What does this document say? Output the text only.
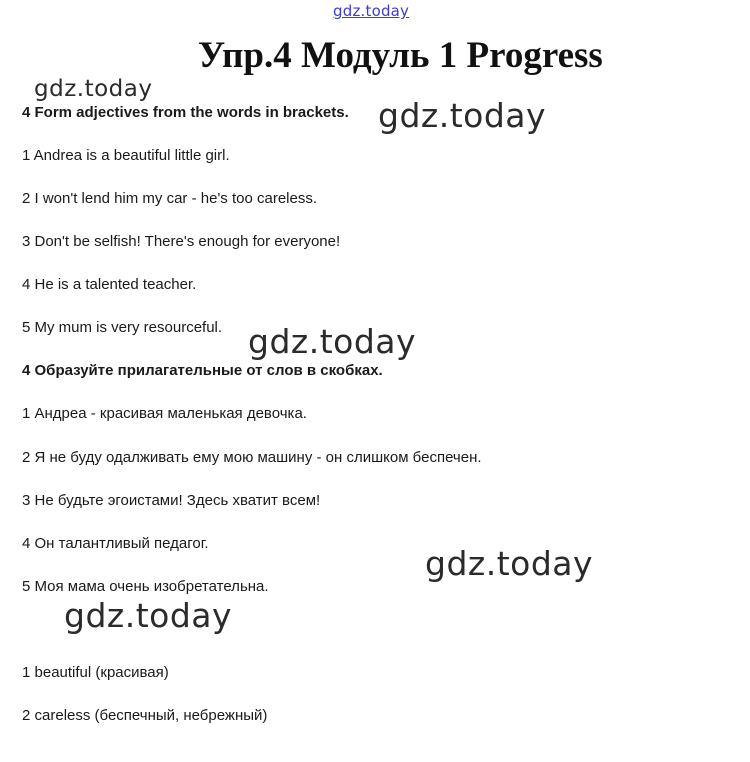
gdz.today
Упр.4 Модуль 1 Progress
gdz.today
4 Form adjectives from the words in brackets. gdz.today
1 Andrea is a beautiful little girl.
2 I won't lend him my car - he's too careless.
3 Don't be selfish! There's enough for everyone!
4 He is a talented teacher.
5 My mum is very resourceful. gdz.today
4 Образуйте прилагательные от слов в скобках.
1 Андреа - красивая маленькая девочка.
2 Я не буду одалживать ему мою машину - он слишком беспечен.
3 Не будьте эгоистами! Здесь хватит всем!
4 Он талантливый педагог.
5 Моя мама очень изобретательна.
gdz.today
gdz.today
1 beautiful (красивая)
2 careless (беспечный, небрежный)
